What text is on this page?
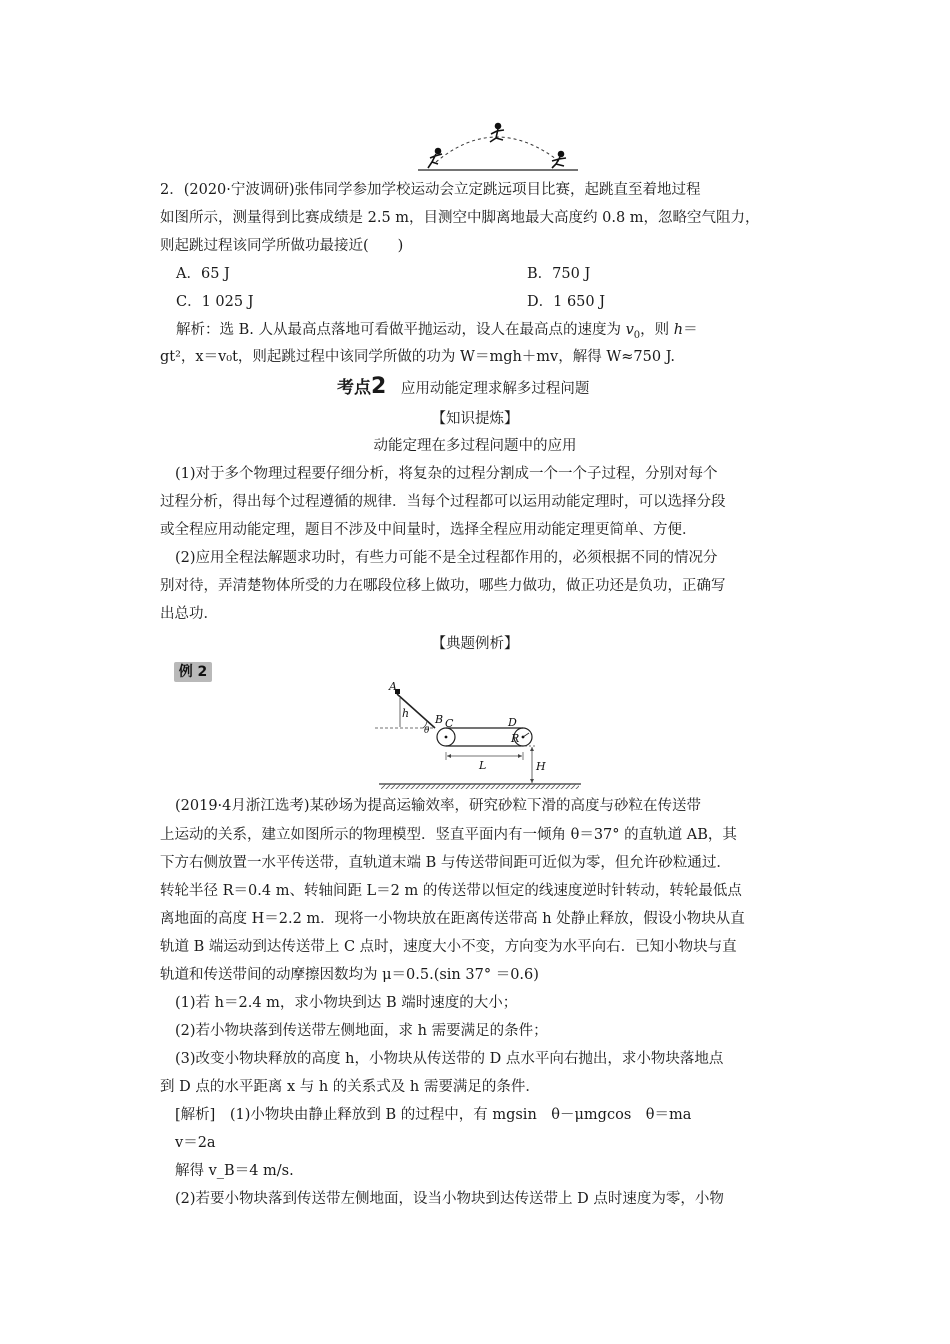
2．(2020·宁波调研)张伟同学参加学校运动会立定跳远项目比赛，起跳直至着地过程
如图所示，测量得到比赛成绩是 2.5 m，目测空中脚离地最大高度约 0.8 m，忽略空气阻力，
则起跳过程该同学所做功最接近(　　)
A．65 J	B．750 J
C．1 025 J	D．1 650 J
解析：选 B. 人从最高点落地可看做平抛运动，设人在最高点的速度为 $v_0$，则 h＝
gt²，x＝v₀t，则起跳过程中该同学所做的功为 W＝mgh＋mv，解得 W≈750 J.
考点2 应用动能定理求解多过程问题
【知识提炼】
动能定理在多过程问题中的应用
(1)对于多个物理过程要仔细分析，将复杂的过程分割成一个一个子过程，分别对每个
过程分析，得出每个过程遵循的规律．当每个过程都可以运用动能定理时，可以选择分段
或全程应用动能定理，题目不涉及中间量时，选择全程应用动能定理更简单、方便．
(2)应用全程法解题求功时，有些力可能不是全过程都作用的，必须根据不同的情况分
别对待，弄清楚物体所受的力在哪段位移上做功，哪些力做功，做正功还是负功，正确写
出总功．
【典题例析】
例 2
A
h B C
θ
D
R
L	H
(2019·4月浙江选考)某砂场为提高运输效率，研究砂粒下滑的高度与砂粒在传送带
上运动的关系，建立如图所示的物理模型．竖直平面内有一倾角 θ＝37° 的直轨道 AB，其
下方右侧放置一水平传送带，直轨道末端 B 与传送带间距可近似为零，但允许砂粒通过．
转轮半径 R＝0.4 m、转轴间距 L＝2 m 的传送带以恒定的线速度逆时针转动，转轮最低点
离地面的高度 H＝2.2 m．现将一小物块放在距离传送带高 h 处静止释放，假设小物块从直
轨道 B 端运动到达传送带上 C 点时，速度大小不变，方向变为水平向右．已知小物块与直
轨道和传送带间的动摩擦因数均为 μ＝0.5.(sin 37° ＝0.6)
(1)若 h＝2.4 m，求小物块到达 B 端时速度的大小；
(2)若小物块落到传送带左侧地面，求 h 需要满足的条件；
(3)改变小物块释放的高度 h，小物块从传送带的 D 点水平向右抛出，求小物块落地点
到 D 点的水平距离 x 与 h 的关系式及 h 需要满足的条件．
[解析]　(1)小物块由静止释放到 B 的过程中，有 mgsin　θ－μmgcos　θ＝ma
v＝2a
解得 v_B＝4 m/s.
(2)若要小物块落到传送带左侧地面，设当小物块到达传送带上 D 点时速度为零，小物
